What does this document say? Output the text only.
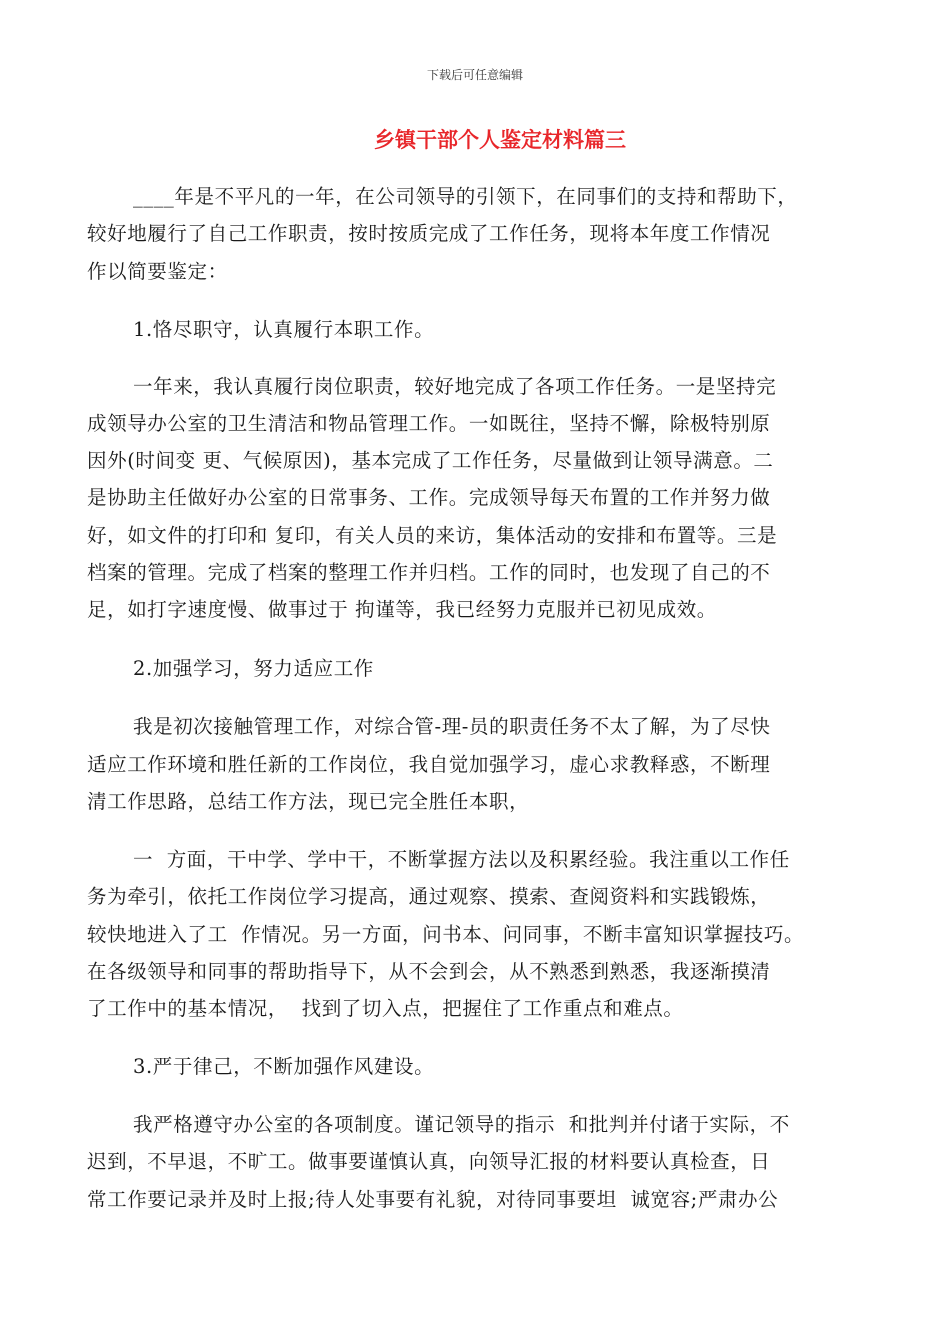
下载后可任意编辑
乡镇干部个人鉴定材料篇三
____年是不平凡的一年，在公司领导的引领下，在同事们的支持和帮助下，
较好地履行了自己工作职责，按时按质完成了工作任务，现将本年度工作情况
作以简要鉴定：
1.恪尽职守，认真履行本职工作。
一年来，我认真履行岗位职责，较好地完成了各项工作任务。一是坚持完
成领导办公室的卫生清洁和物品管理工作。一如既往，坚持不懈，除极特别原
因外(时间变 更、气候原因)，基本完成了工作任务，尽量做到让领导满意。二
是协助主任做好办公室的日常事务、工作。完成领导每天布置的工作并努力做
好，如文件的打印和 复印，有关人员的来访，集体活动的安排和布置等。三是
档案的管理。完成了档案的整理工作并归档。工作的同时，也发现了自己的不
足，如打字速度慢、做事过于 拘谨等，我已经努力克服并已初见成效。
2.加强学习，努力适应工作
我是初次接触管理工作，对综合管-理-员的职责任务不太了解，为了尽快
适应工作环境和胜任新的工作岗位，我自觉加强学习，虚心求教释惑，不断理
清工作思路，总结工作方法，现已完全胜任本职，
一  方面，干中学、学中干，不断掌握方法以及积累经验。我注重以工作任
务为牵引，依托工作岗位学习提高，通过观察、摸索、查阅资料和实践锻炼，
较快地进入了工  作情况。另一方面，问书本、问同事，不断丰富知识掌握技巧。
在各级领导和同事的帮助指导下，从不会到会，从不熟悉到熟悉，我逐渐摸清
了工作中的基本情况，  找到了切入点，把握住了工作重点和难点。
3.严于律己，不断加强作风建设。
我严格遵守办公室的各项制度。谨记领导的指示  和批判并付诸于实际，不
迟到，不早退，不旷工。做事要谨慎认真，向领导汇报的材料要认真检查，日
常工作要记录并及时上报;待人处事要有礼貌，对待同事要坦  诚宽容;严肃办公
